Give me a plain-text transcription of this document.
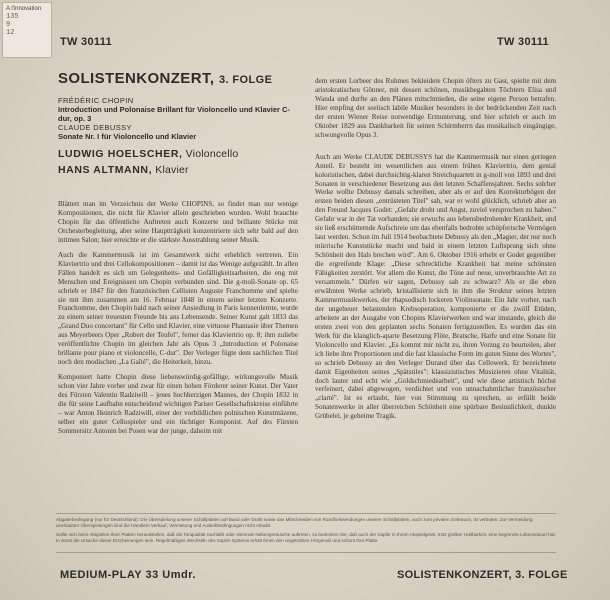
A l'innovation
135
9
12
TW 30111	TW 30111

SOLISTENKONZERT, 3. FOLGE

FRÉDÉRIC CHOPIN

Introduction und Polonaise Brillant für Violoncello und Klavier C-dur, op. 3

CLAUDE DEBUSSY

Sonate Nr. I für Violoncello und Klavier

LUDWIG HOELSCHER, Violoncello

HANS ALTMANN, Klavier

Blättert man im Verzeichnis der Werke CHOPINS, so findet man nur wenige Kompositionen, die nicht für Klavier allein geschrieben wurden. Wohl brauchte Chopin für das öffentliche Auftreten auch Konzerte und brillante Stücke mit Orchesterbegleitung, aber seine Hauptträgkeit konzentrierte sich sehr bald auf den intimen Salon; hier erreichte er die stärkste Ausstrahlung seiner Musik.

Auch die Kammermusik ist im Gesamtwerk nicht erheblich vertreten. Ein Klaviertrio und drei Cellokompositionen – damit ist das Wenige aufgezählt. In allen Fällen handelt es sich um Gelegenheits- und Gefälligkeitsarbeiten, die eng mit Menschen und Ereignissen um Chopin verbunden sind. Die g-moll-Sonate op. 65 schrieb er 1847 für den französischen Cellisten Auguste Franchomme und spielte sie mit ihm zusammen am 16. Februar 1848 in einem seiner letzten Konzerte. Franchomme, den Chopin bald nach seiner Ansiedlung in Paris kennenlernte, wurde zu einem seiner treuesten Freunde bis ans Lebensende. Seiner Kunst galt 1833 das „Grand Duo concertant" für Cello und Klavier, eine virtuose Phantasie über Themen aus Meyerbeers Oper „Robert der Teufel", ferner das Klaviertrio op. 8; ihm zuliebe veröffentlichte Chopin im gleichen Jahr als Opus 3 „Introduction et Polonaise brillante pour piano et violoncelle, C-dur". Der Verleger fügte dem sachlichen Titel noch den modischen „La Gaîté", die Heiterkeit, hinzu.

Komponiert hatte Chopin diese liebenswürdig-gefällige, wirkungsvolle Musik schon vier Jahre vorher und zwar für einen hohen Förderer seiner Kunst. Der Vater des Fürsten Valentin Radziwill – jenes hochherzigen Mannes, der Chopin 1832 in die für seine Laufbahn entscheidend wichtigen Pariser Gesellschaftskreise einführte – war Anton Heinrich Radziwill, einer der vorbildlichen polnischen Kunstmäzene, selber ein guter Cellospieler und ein tüchtiger Komponist. Auf des Fürsten Sommersitz Antonin bei Posen war der junge, daheim mit

dem ersten Lorbeer des Ruhmes bekleidete Chopin öfters zu Gast, spielte mit dem aristokratischen Gönner, mit dessen schönen, musikbegabten Töchtern Elisa und Wanda und durfte an den Plänen mitschmieden, die seine eigene Person betrafen. Hier empfing der seelisch labile Musiker besonders in der bedrückenden Zeit nach der ersten Wiener Reise notwendige Ermunterung, und hier schrieb er auch im Oktober 1829 aus Dankbarkeit für seinen Schirmherrn das musikalisch eingängige, schwungvolle Opus 3.

Auch am Werke CLAUDE DEBUSSYS hat die Kammermusik nur einen geringen Anteil. Er besteht im wesentlichen aus einem frühen Klaviertrio, dem genial koloristischen, dabei durchsichtig-klaren Streichquartett in g-moll von 1893 und drei Sonaten in verschiedener Besetzung aus den letzten Schaffensjahren. Sechs solcher Werke wollte Debussy damals schreiben, aber als er auf den Korrekturbögen der ersten beiden diesen „entrüsteten Titel" sah, war er wohl glücklich, schrieb aber an den Freund Jacques Godet: „Gefahr droht und Angst, zuviel versprochen zu haben." Gefahr war in der Tat vorhanden; sie erwuchs aus lebensbedrohender Krankheit, und sie ließ erschütternde Aufschreie um das ebenfalls bedrohte schöpferische Vermögen laut werden. Schon im Juli 1914 beobachtete Debussy als den „Magier, der nur noch mürrische Kunststücke macht und bald in einem letzten Luftsprung sich ohne Schönheit den Hals brechen wird". Am 6. Oktober 1916 erhebt er Godet gegenüber die ergreifende Klage: „Diese schreckliche Krankheit hat meine schönsten Fähigkeiten zerstört. Vor allem die Kunst, die Töne auf neue, unverbrauchte Art zu versammeln." Dürfen wir sagen, Debussy sah zu schwarz? Als er die eben erwähnten Werke schrieb, kristallisierte sich in ihm die Struktur seines letzten Kammermusikwerkes, der rhapsodisch lockeren Violinsonate. Ein Jahr vorher, nach der ungeheuer belastenden Krebsoperation, komponierte er die zwölf Etüden, arbeitete an der Ausgabe von Chopins Klavierwerken und war imstande, gleich die ersten zwei von den geplanten sechs Sonaten fertigzustellen. Es wurden das ein Werk für die klanglich-aparte Besetzung Flöte, Bratsche, Harfe und eine Sonate für Violoncello und Klavier. „Es kommt mir nicht zu, ihren Vorzug zu beurteilen, aber ich liebe ihre Proportionen und die fast klassische Form im guten Sinne des Wortes", so schrieb Debussy an den Verleger Durand über das Cellowerk. Er bezeichnete damit Eigenheiten seines „Spätstiles": klassizistisches Musizieren ohne Vitalität, doch lauter und echt wie „Goldschmiedearbeit", und wie diese artistisch höchst verfeinert, dabei abgewogen, verdichtet und von unnachahmlicher französischer „clarté". Ist es erlaubt, hier von Stimmung zu sprechen, so erfüllt beide Sonatenwerke in aller überreichen Schönheit eine spürbare Besinnlichkeit, dunkle Grübelei, je geheime Tragik.

Abgabebedingung (nur für Deutschland): Die Überspielung unserer Schallplatten auf Band oder Draht sowie das Mitschneiden von Rundfunksendungen unserer Schallplatten, auch zum privaten Gebrauch, ist verboten. Zur Vermeidung unerlaubter Überspielungen sind die Händlern Verkauf, Vermietung und Ausleihbedingungen nicht erlaubt.

Sollte sich beim Abspielen Ihrer Platten herausstellen, daß die Tonqualität nachläßt oder störende Nebengeräusche auftreten, so bedenken Sie, daß auch der Saphir in Ihrem Abspielgerät, trotz größter Haltbarkeit, eine begrenzte Lebensdauer hat. In sonst die Ursache dieser Erscheinungen sein. Regelmäßiges Wechseln des Saphir-Systems erhält Ihnen den ungetrübten Hörgenuß und schont Ihre Platte.

MEDIUM-PLAY 33 Umdr.	SOLISTENKONZERT, 3. FOLGE
